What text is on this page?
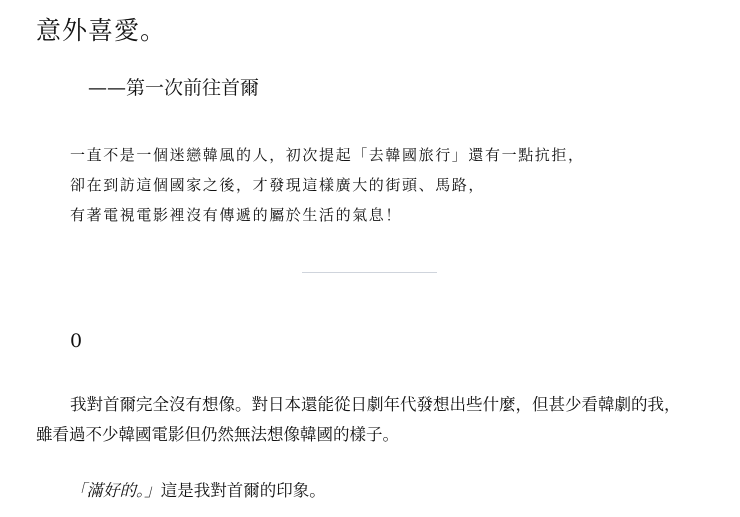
意外喜愛。
——第一次前往首爾
一直不是一個迷戀韓風的人，初次提起「去韓國旅行」還有一點抗拒，
卻在到訪這個國家之後，才發現這樣廣大的街頭、馬路，
有著電視電影裡沒有傳遞的屬於生活的氣息！
0
我對首爾完全沒有想像。對日本還能從日劇年代發想出些什麼，但甚少看韓劇的我，
雖看過不少韓國電影但仍然無法想像韓國的樣子。
「滿好的。」這是我對首爾的印象。
